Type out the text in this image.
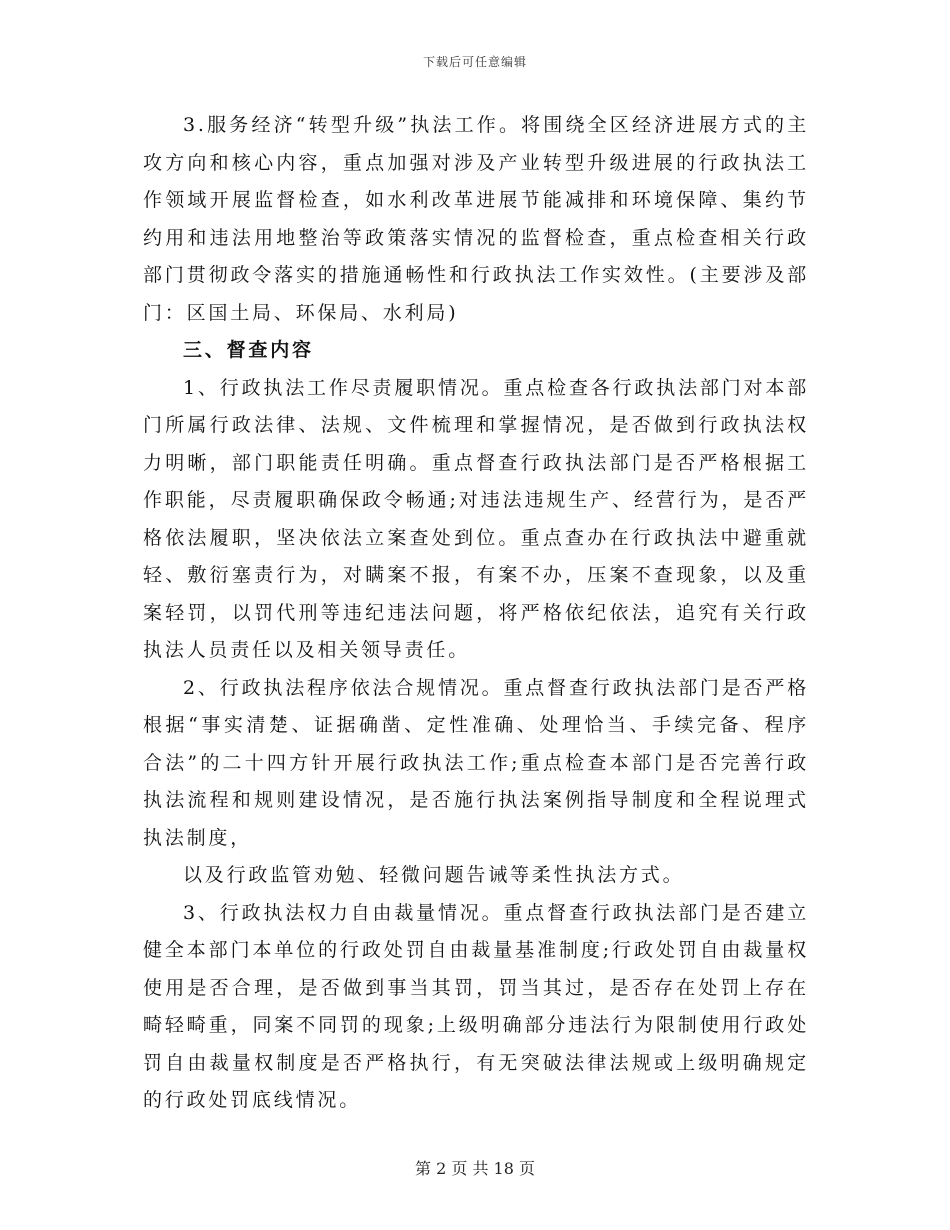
下载后可任意编辑

3.服务经济“转型升级”执法工作。将围绕全区经济进展方式的主攻方向和核心内容，重点加强对涉及产业转型升级进展的行政执法工作领域开展监督检查，如水利改革进展节能减排和环境保障、集约节约用和违法用地整治等政策落实情况的监督检查，重点检查相关行政部门贯彻政令落实的措施通畅性和行政执法工作实效性。(主要涉及部门：区国土局、环保局、水利局)

三、督查内容

1、行政执法工作尽责履职情况。重点检查各行政执法部门对本部门所属行政法律、法规、文件梳理和掌握情况，是否做到行政执法权力明晰，部门职能责任明确。重点督查行政执法部门是否严格根据工作职能，尽责履职确保政令畅通;对违法违规生产、经营行为，是否严格依法履职，坚决依法立案查处到位。重点查办在行政执法中避重就轻、敷衍塞责行为，对瞒案不报，有案不办，压案不查现象，以及重案轻罚，以罚代刑等违纪违法问题，将严格依纪依法，追究有关行政执法人员责任以及相关领导责任。

2、行政执法程序依法合规情况。重点督查行政执法部门是否严格根据“事实清楚、证据确凿、定性准确、处理恰当、手续完备、程序合法”的二十四方针开展行政执法工作;重点检查本部门是否完善行政执法流程和规则建设情况，是否施行执法案例指导制度和全程说理式执法制度，

以及行政监管劝勉、轻微问题告诫等柔性执法方式。

3、行政执法权力自由裁量情况。重点督查行政执法部门是否建立健全本部门本单位的行政处罚自由裁量基准制度;行政处罚自由裁量权使用是否合理，是否做到事当其罚，罚当其过，是否存在处罚上存在畸轻畸重，同案不同罚的现象;上级明确部分违法行为限制使用行政处罚自由裁量权制度是否严格执行，有无突破法律法规或上级明确规定的行政处罚底线情况。

第 2 页 共 18 页
